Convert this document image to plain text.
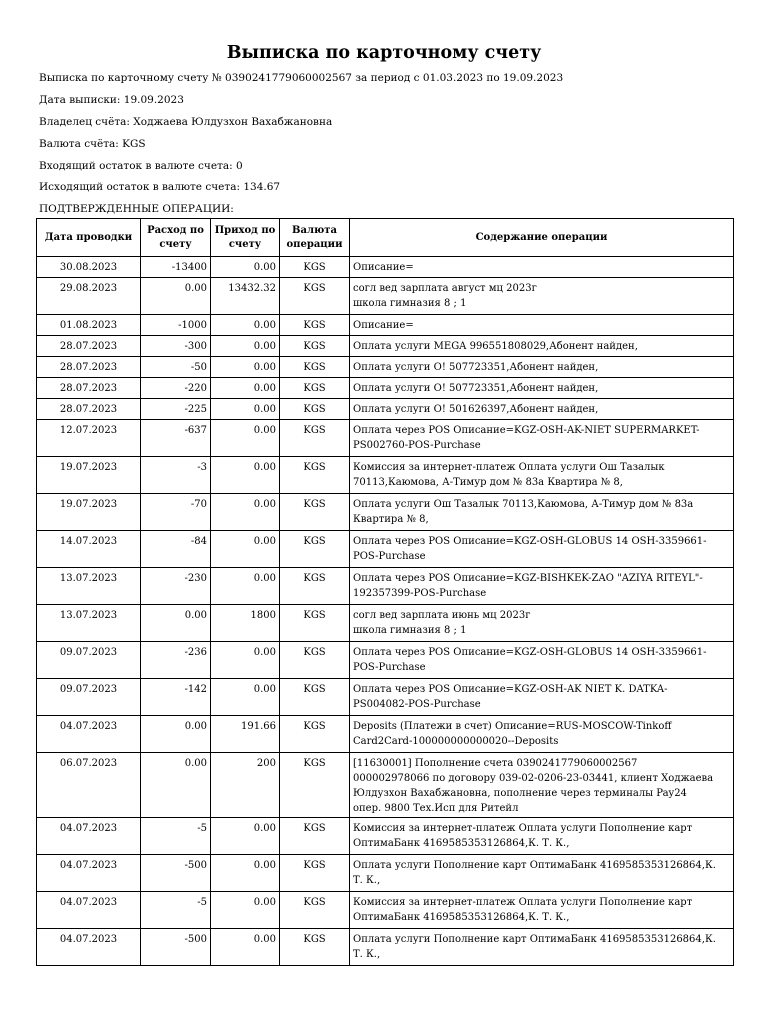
Выписка по карточному счету
Выписка по карточному счету № 0390241779060002567 за период с 01.03.2023 по 19.09.2023
Дата выписки: 19.09.2023
Владелец счёта: Ходжаева Юлдузхон Вахабжановна
Валюта счёта: KGS
Входящий остаток в валюте счета: 0
Исходящий остаток в валюте счета: 134.67
ПОДТВЕРЖДЕННЫЕ ОПЕРАЦИИ:
Дата проводки	Расход по счету	Приход по счету	Валюта операции	Содержание операции
30.08.2023	-13400	0.00	KGS	Описание=
29.08.2023	0.00	13432.32	KGS	согл вед зарплата август мц 2023г
школа гимназия 8 ; 1
01.08.2023	-1000	0.00	KGS	Описание=
28.07.2023	-300	0.00	KGS	Оплата услуги MEGA 996551808029,Абонент найден,
28.07.2023	-50	0.00	KGS	Оплата услуги О! 507723351,Абонент найден,
28.07.2023	-220	0.00	KGS	Оплата услуги О! 507723351,Абонент найден,
28.07.2023	-225	0.00	KGS	Оплата услуги О! 501626397,Абонент найден,
12.07.2023	-637	0.00	KGS	Оплата через POS Описание=KGZ-OSH-AK-NIET SUPERMARKET-
PS002760-POS-Purchase
19.07.2023	-3	0.00	KGS	Комиссия за интернет-платеж Оплата услуги Ош Тазалык
70113,Каюмова, А-Тимур дом № 83а Квартира № 8,
19.07.2023	-70	0.00	KGS	Оплата услуги Ош Тазалык 70113,Каюмова, А-Тимур дом № 83а
Квартира № 8,
14.07.2023	-84	0.00	KGS	Оплата через POS Описание=KGZ-OSH-GLOBUS 14 OSH-3359661-
POS-Purchase
13.07.2023	-230	0.00	KGS	Оплата через POS Описание=KGZ-BISHKEK-ZAO "AZIYA RITEYL"-
192357399-POS-Purchase
13.07.2023	0.00	1800	KGS	согл вед зарплата июнь мц 2023г
школа гимназия 8 ; 1
09.07.2023	-236	0.00	KGS	Оплата через POS Описание=KGZ-OSH-GLOBUS 14 OSH-3359661-
POS-Purchase
09.07.2023	-142	0.00	KGS	Оплата через POS Описание=KGZ-OSH-AK NIET K. DATKA-
PS004082-POS-Purchase
04.07.2023	0.00	191.66	KGS	Deposits (Платежи в счет) Описание=RUS-MOSCOW-Tinkoff
Card2Card-100000000000020--Deposits
06.07.2023	0.00	200	KGS	[11630001] Пополнение счета 0390241779060002567
000002978066 по договору 039-02-0206-23-03441, клиент Ходжаева
Юлдузхон Вахабжановна, пополнение через терминалы Pay24
опер. 9800 Тех.Исп для Ритейл
04.07.2023	-5	0.00	KGS	Комиссия за интернет-платеж Оплата услуги Пополнение карт
ОптимаБанк 4169585353126864,К. Т. К.,
04.07.2023	-500	0.00	KGS	Оплата услуги Пополнение карт ОптимаБанк 4169585353126864,К.
Т. К.,
04.07.2023	-5	0.00	KGS	Комиссия за интернет-платеж Оплата услуги Пополнение карт
ОптимаБанк 4169585353126864,К. Т. К.,
04.07.2023	-500	0.00	KGS	Оплата услуги Пополнение карт ОптимаБанк 4169585353126864,К.
Т. К.,
